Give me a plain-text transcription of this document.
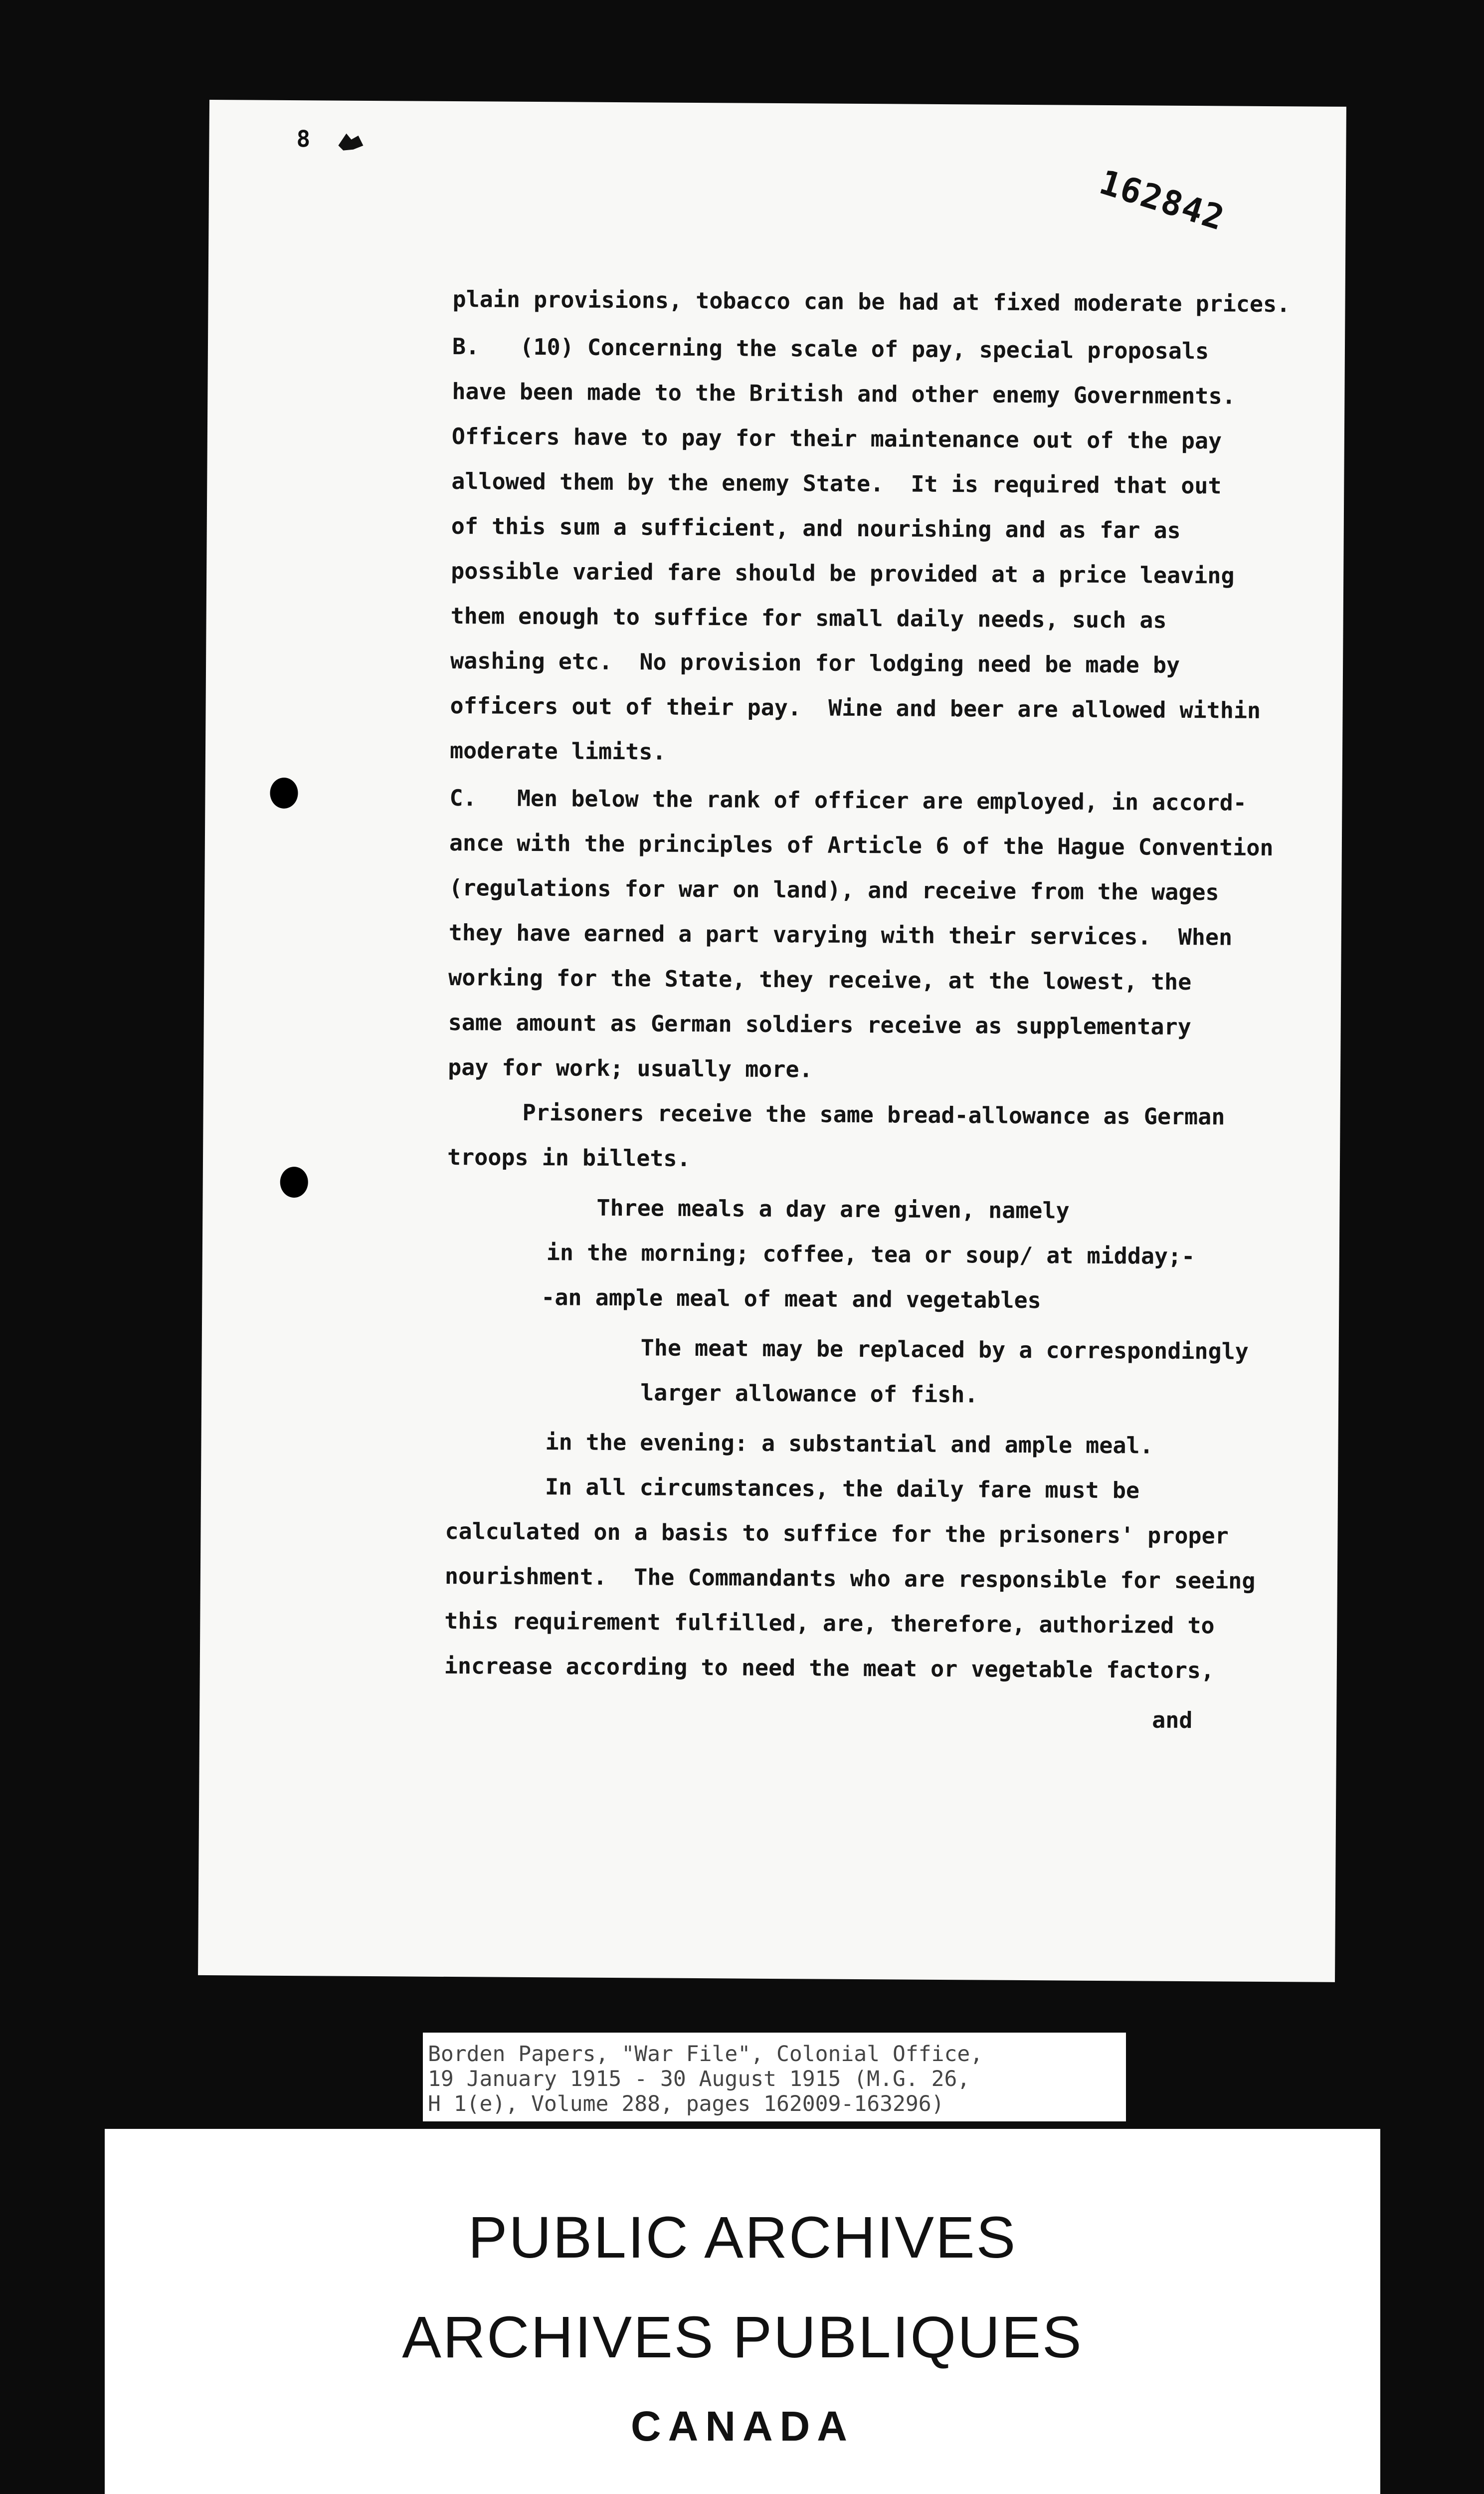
8
162842

plain provisions, tobacco can be had at fixed moderate prices.

B.   (10) Concerning the scale of pay, special proposals

have been made to the British and other enemy Governments.

Officers have to pay for their maintenance out of the pay

allowed them by the enemy State.  It is required that out

of this sum a sufficient, and nourishing and as far as

possible varied fare should be provided at a price leaving

them enough to suffice for small daily needs, such as

washing etc.  No provision for lodging need be made by

officers out of their pay.  Wine and beer are allowed within

moderate limits.

C.   Men below the rank of officer are employed, in accord-

ance with the principles of Article 6 of the Hague Convention

(regulations for war on land), and receive from the wages

they have earned a part varying with their services.  When

working for the State, they receive, at the lowest, the

same amount as German soldiers receive as supplementary

pay for work; usually more.

Prisoners receive the same bread-allowance as German

troops in billets.

Three meals a day are given, namely

in the morning; coffee, tea or soup/ at midday;-

-an ample meal of meat and vegetables

The meat may be replaced by a correspondingly

larger allowance of fish.

in the evening: a substantial and ample meal.

In all circumstances, the daily fare must be

calculated on a basis to suffice for the prisoners' proper

nourishment.  The Commandants who are responsible for seeing

this requirement fulfilled, are, therefore, authorized to

increase according to need the meat or vegetable factors,

and

Borden Papers, "War File", Colonial Office,
19 January 1915 - 30 August 1915 (M.G. 26,
H 1(e), Volume 288, pages 162009-163296)
PUBLIC ARCHIVES
ARCHIVES PUBLIQUES
CANADA
